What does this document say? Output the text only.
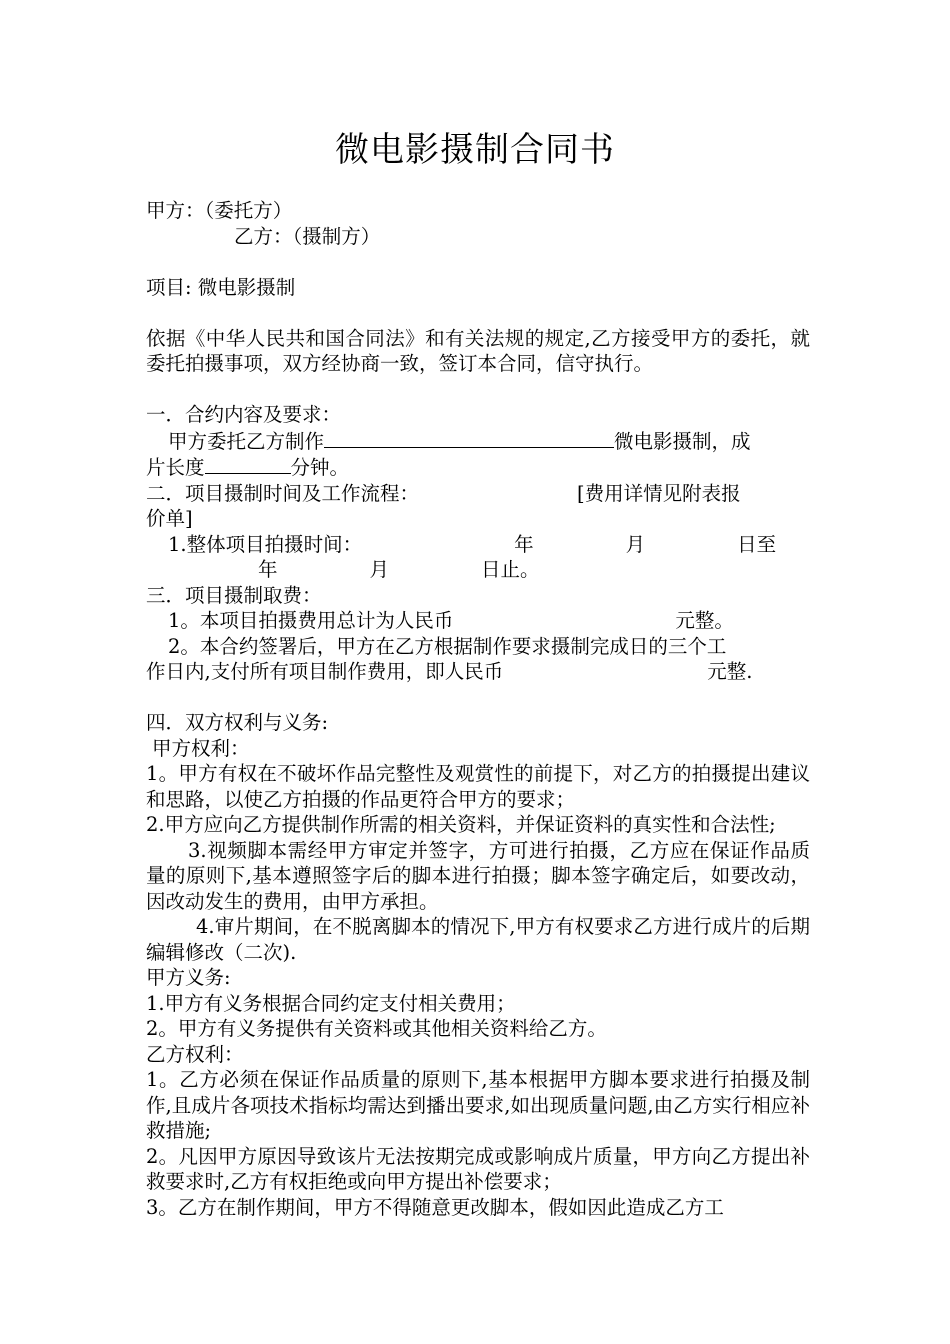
微电影摄制合同书

甲方：（委托方）

乙方：（摄制方）

项目: 微电影摄制

依据《中华人民共和国合同法》和有关法规的规定,乙方接受甲方的委托，就委托拍摄事项，双方经协商一致，签订本合同，信守执行。

一．合约内容及要求：

甲方委托乙方制作	微电影摄制，成

片长度	分钟。

二．项目摄制时间及工作流程：	[费用详情见附表报

价单]

1.整体项目拍摄时间：	年	月	日至

年	月	日止。

三．项目摄制取费：

1。本项目拍摄费用总计为人民币	元整。

2。本合约签署后，甲方在乙方根据制作要求摄制完成日的三个工

作日内,支付所有项目制作费用，即人民币	元整.

四．双方权利与义务:

甲方权利：

1。甲方有权在不破坏作品完整性及观赏性的前提下，对乙方的拍摄提出建议和思路，以使乙方拍摄的作品更符合甲方的要求；

2.甲方应向乙方提供制作所需的相关资料，并保证资料的真实性和合法性;

3.视频脚本需经甲方审定并签字，方可进行拍摄，乙方应在保证作品质量的原则下,基本遵照签字后的脚本进行拍摄；脚本签字确定后，如要改动，因改动发生的费用，由甲方承担。

4.审片期间，在不脱离脚本的情况下,甲方有权要求乙方进行成片的后期编辑修改（二次).

甲方义务:

1.甲方有义务根据合同约定支付相关费用；

2。甲方有义务提供有关资料或其他相关资料给乙方。

乙方权利：

1。乙方必须在保证作品质量的原则下,基本根据甲方脚本要求进行拍摄及制作,且成片各项技术指标均需达到播出要求,如出现质量问题,由乙方实行相应补救措施;

2。凡因甲方原因导致该片无法按期完成或影响成片质量，甲方向乙方提出补救要求时,乙方有权拒绝或向甲方提出补偿要求；

3。乙方在制作期间，甲方不得随意更改脚本，假如因此造成乙方工
